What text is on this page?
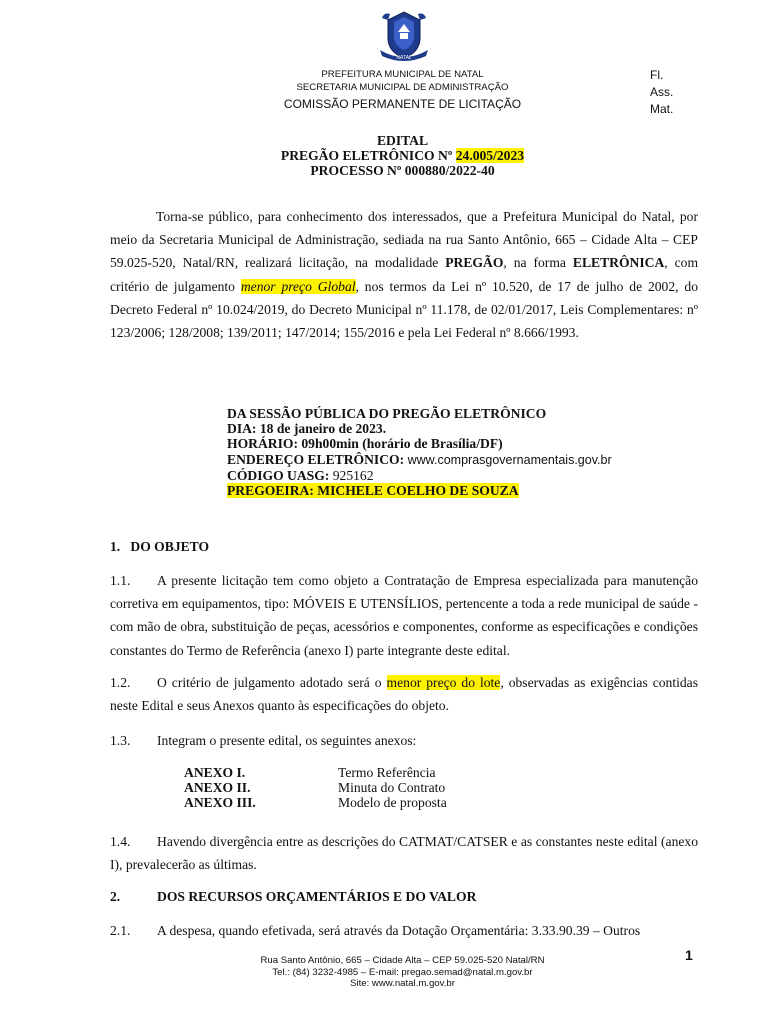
NATAL
PREFEITURA MUNICIPAL DE NATAL
SECRETARIA MUNICIPAL DE ADMINISTRAÇÃO
COMISSÃO PERMANENTE DE LICITAÇÃO
Fl.
Ass.
Mat.
EDITAL
PREGÃO ELETRÔNICO Nº 24.005/2023
PROCESSO Nº 000880/2022-40
Torna-se público, para conhecimento dos interessados, que a Prefeitura Municipal do Natal, por meio da Secretaria Municipal de Administração, sediada na rua Santo Antônio, 665 – Cidade Alta – CEP 59.025-520, Natal/RN, realizará licitação, na modalidade PREGÃO, na forma ELETRÔNICA, com critério de julgamento menor preço Global, nos termos da Lei nº 10.520, de 17 de julho de 2002, do Decreto Federal nº 10.024/2019, do Decreto Municipal nº 11.178, de 02/01/2017, Leis Complementares: nº 123/2006; 128/2008; 139/2011; 147/2014; 155/2016 e pela Lei Federal nº 8.666/1993.
DA SESSÃO PÚBLICA DO PREGÃO ELETRÔNICO
DIA: 18 de janeiro de 2023.
HORÁRIO: 09h00min (horário de Brasília/DF)
ENDEREÇO ELETRÔNICO: www.comprasgovernamentais.gov.br
CÓDIGO UASG: 925162
PREGOEIRA: MICHELE COELHO DE SOUZA
1.   DO OBJETO
1.1. A presente licitação tem como objeto a Contratação de Empresa especializada para manutenção corretiva em equipamentos, tipo: MÓVEIS E UTENSÍLIOS, pertencente a toda a rede municipal de saúde - com mão de obra, substituição de peças, acessórios e componentes, conforme as especificações e condições constantes do Termo de Referência (anexo I) parte integrante deste edital.
1.2. O critério de julgamento adotado será o menor preço do lote, observadas as exigências contidas neste Edital e seus Anexos quanto às especificações do objeto.
1.3. Integram o presente edital, os seguintes anexos:
ANEXO I.	Termo Referência
ANEXO II.	Minuta do Contrato
ANEXO III.	Modelo de proposta
1.4. Havendo divergência entre as descrições do CATMAT/CATSER e as constantes neste edital (anexo I), prevalecerão as últimas.
2.	DOS RECURSOS ORÇAMENTÁRIOS E DO VALOR
2.1. A despesa, quando efetivada, será através da Dotação Orçamentária: 3.33.90.39 – Outros
1
Rua Santo Antônio, 665 – Cidade Alta – CEP 59.025-520 Natal/RN
Tel.: (84) 3232-4985 – E-mail: pregao.semad@natal.m.gov.br
Site: www.natal.m.gov.br
